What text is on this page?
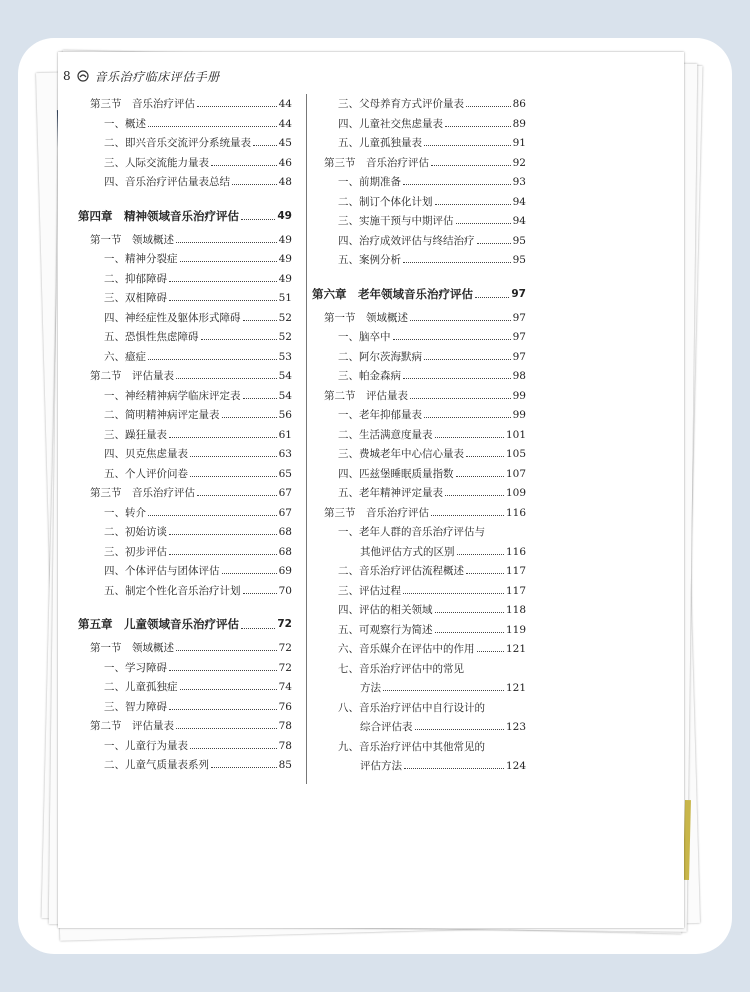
8 音乐治疗临床评估手册
第三节　音乐治疗评估	44
一、概述	44
二、即兴音乐交流评分系统量表	45
三、人际交流能力量表	46
四、音乐治疗评估量表总结	48
第四章　精神领域音乐治疗评估	49
第一节　领域概述	49
一、精神分裂症	49
二、抑郁障碍	49
三、双相障碍	51
四、神经症性及躯体形式障碍	52
五、恐惧性焦虑障碍	52
六、癔症	53
第二节　评估量表	54
一、神经精神病学临床评定表	54
二、简明精神病评定量表	56
三、躁狂量表	61
四、贝克焦虑量表	63
五、个人评价问卷	65
第三节　音乐治疗评估	67
一、转介	67
二、初始访谈	68
三、初步评估	68
四、个体评估与团体评估	69
五、制定个性化音乐治疗计划	70
第五章　儿童领域音乐治疗评估	72
第一节　领域概述	72
一、学习障碍	72
二、儿童孤独症	74
三、智力障碍	76
第二节　评估量表	78
一、儿童行为量表	78
二、儿童气质量表系列	85
三、父母养育方式评价量表	86
四、儿童社交焦虑量表	89
五、儿童孤独量表	91
第三节　音乐治疗评估	92
一、前期准备	93
二、制订个体化计划	94
三、实施干预与中期评估	94
四、治疗成效评估与终结治疗	95
五、案例分析	95
第六章　老年领域音乐治疗评估	97
第一节　领域概述	97
一、脑卒中	97
二、阿尔茨海默病	97
三、帕金森病	98
第二节　评估量表	99
一、老年抑郁量表	99
二、生活满意度量表	101
三、费城老年中心信心量表	105
四、匹兹堡睡眠质量指数	107
五、老年精神评定量表	109
第三节　音乐治疗评估	116
一、老年人群的音乐治疗评估与
其他评估方式的区别	116
二、音乐治疗评估流程概述	117
三、评估过程	117
四、评估的相关领域	118
五、可观察行为简述	119
六、音乐媒介在评估中的作用	121
七、音乐治疗评估中的常见
方法	121
八、音乐治疗评估中自行设计的
综合评估表	123
九、音乐治疗评估中其他常见的
评估方法	124
